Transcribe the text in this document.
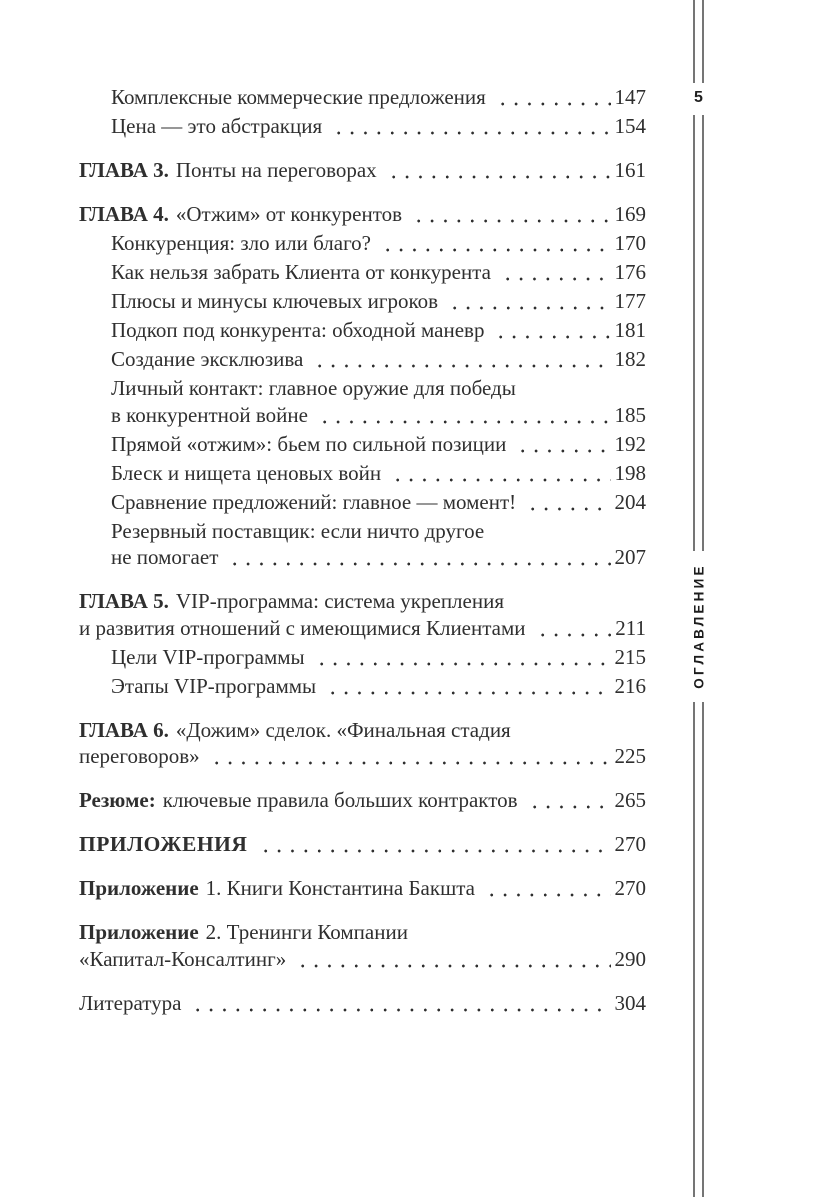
Комплексные коммерческие предложения	147
Цена — это абстракция	154
ГЛАВА 3. Понты на переговорах	161
ГЛАВА 4. «Отжим» от конкурентов	169
Конкуренция: зло или благо?	170
Как нельзя забрать Клиента от конкурента	176
Плюсы и минусы ключевых игроков	177
Подкоп под конкурента: обходной маневр	181
Создание эксклюзива	182
Личный контакт: главное оружие для победы
в конкурентной войне	185
Прямой «отжим»: бьем по сильной позиции	192
Блеск и нищета ценовых войн	198
Сравнение предложений: главное — момент!	204
Резервный поставщик: если ничто другое
не помогает	207
ГЛАВА 5. VIP-программа: система укрепления
и развития отношений с имеющимися Клиентами	211
Цели VIP-программы	215
Этапы VIP-программы	216
ГЛАВА 6. «Дожим» сделок. «Финальная стадия
переговоров»	225
Резюме: ключевые правила больших контрактов	265
ПРИЛОЖЕНИЯ	270
Приложение 1. Книги Константина Бакшта	270
Приложение 2. Тренинги Компании
«Капитал-Консалтинг»	290
Литература	304
5
ОГЛАВЛЕНИЕ
